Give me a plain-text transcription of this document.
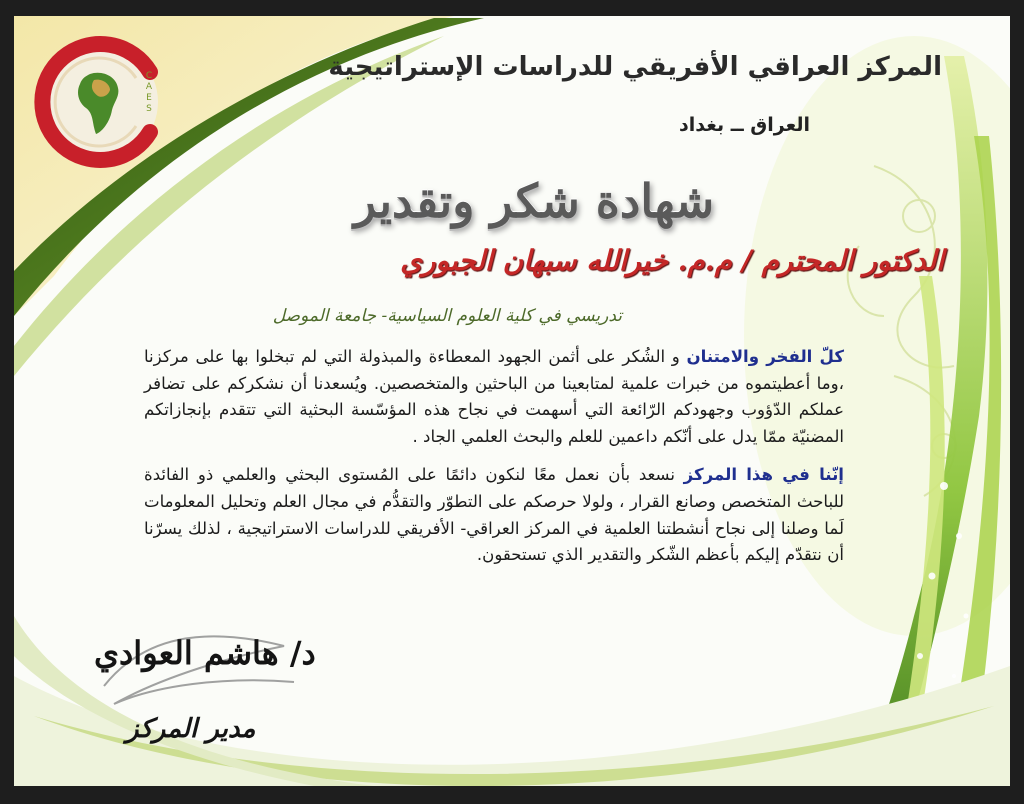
C
A
E
S
المركز العراقي الأفريقي للدراسات الإستراتيجية
العراق ــ بغداد
شهادة شكر وتقدير
الدكتور المحترم / م.م. خيرالله سبهان الجبوري
تدريسي في كلية العلوم السياسية- جامعة الموصل

كلّ الفخر والامتنان و الشُكر على أثمن الجهود المعطاءة والمبذولة التي لم تبخلوا بها على مركزنا ،وما أعطيتموه من خبرات علمية لمتابعينا من الباحثين والمتخصصين. ويُسعدنا أن نشكركم على تضافر عملكم الدّؤوب وجهودكم الرّائعة التي أسهمت في نجاح هذه المؤسّسة البحثية التي تتقدم بإنجازاتكم المضنيّة ممّا يدل على أنّكم داعمين للعلم والبحث العلمي الجاد .

إنّنا في هذا المركز نسعد بأن نعمل معًا لنكون دائمًا على المُستوى البحثي والعلمي ذو الفائدة للباحث المتخصص وصانع القرار ، ولولا حرصكم على التطوّر والتقدُّم في مجال العلم وتحليل المعلومات لَما وصلنا إلى نجاح أنشطتنا العلمية في المركز العراقي- الأفريقي للدراسات الاستراتيجية ، لذلك يسرّنا أن نتقدّم إليكم بأعظم الشّكر والتقدير الذي تستحقون.

د/ هاشم العوادي
مدير المركز
